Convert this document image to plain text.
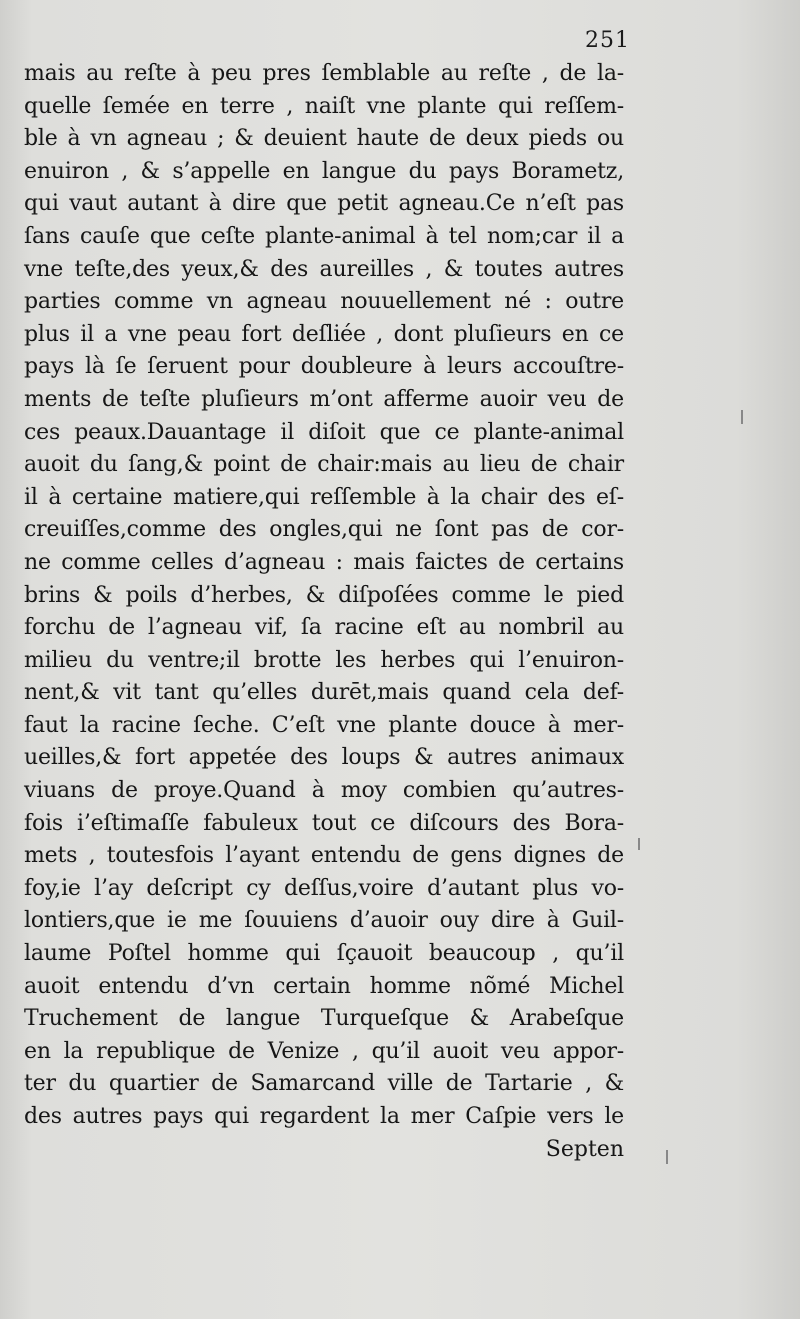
251
mais au reſte à peu pres ſemblable au reſte , de la-
quelle ſemée en terre , naiſt vne plante qui reſſem-
ble à vn agneau ; & deuient haute de deux pieds ou
enuiron , & s’appelle en langue du pays Borametz,
qui vaut autant à dire que petit agneau.Ce n’eſt pas
ſans cauſe que ceſte plante-animal à tel nom;car il a
vne teſte,des yeux,& des aureilles , & toutes autres
parties comme vn agneau nouuellement né : outre
plus il a vne peau fort deſliée , dont pluſieurs en ce
pays là ſe ſeruent pour doubleure à leurs accouſtre-
ments de teſte pluſieurs m’ont afferme auoir veu de
ces peaux.Dauantage il diſoit que ce plante-animal
auoit du ſang,& point de chair:mais au lieu de chair
il à certaine matiere,qui reſſemble à la chair des eſ-
creuiſſes,comme des ongles,qui ne ſont pas de cor-
ne comme celles d’agneau : mais faictes de certains
brins & poils d’herbes, & diſpoſées comme le pied
forchu de l’agneau vif, ſa racine eſt au nombril au
milieu du ventre;il brotte les herbes qui l’enuiron-
nent,& vit tant qu’elles durēt,mais quand cela def-
faut la racine ſeche. C’eſt vne plante douce à mer-
ueilles,& fort appetée des loups & autres animaux
viuans de proye.Quand à moy combien qu’autres-
fois i’eſtimaſſe fabuleux tout ce diſcours des Bora-
mets , toutesfois l’ayant entendu de gens dignes de
foy,ie l’ay deſcript cy deſſus,voire d’autant plus vo-
lontiers,que ie me ſouuiens d’auoir ouy dire à Guil-
laume Poſtel homme qui ſçauoit beaucoup , qu’il
auoit entendu d’vn certain homme nõmé Michel
Truchement de langue Turqueſque & Arabeſque
en la republique de Venize , qu’il auoit veu appor-
ter du quartier de Samarcand ville de Tartarie , &
des autres pays qui regardent la mer Caſpie vers le
Septen
